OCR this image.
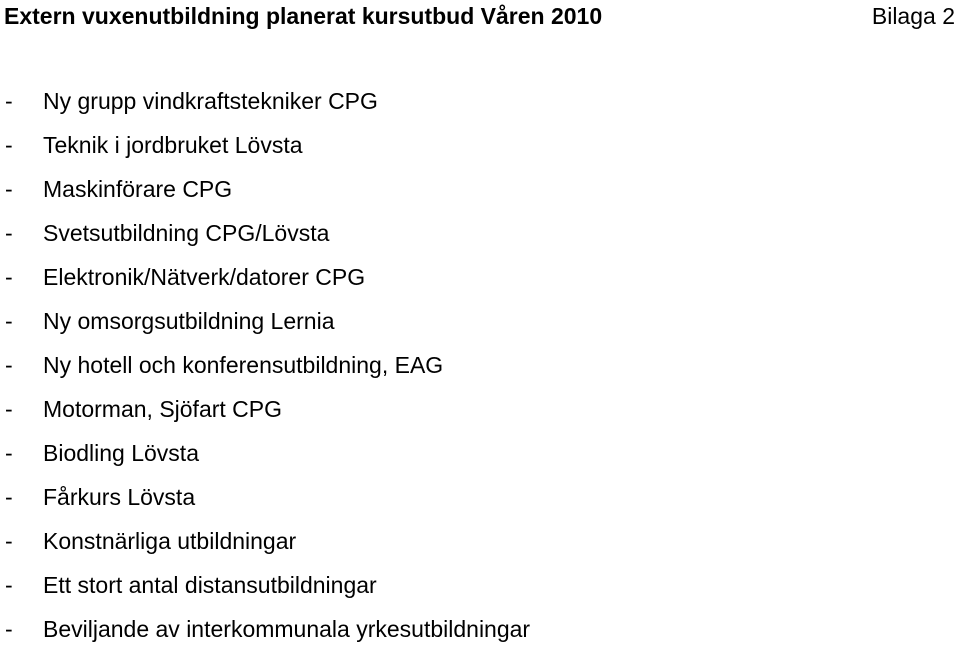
Extern vuxenutbildning planerat kursutbud Våren 2010	Bilaga 2
- Ny grupp vindkraftstekniker CPG
- Teknik i jordbruket Lövsta
- Maskinförare CPG
- Svetsutbildning CPG/Lövsta
- Elektronik/Nätverk/datorer CPG
- Ny omsorgsutbildning Lernia
- Ny hotell och konferensutbildning, EAG
- Motorman, Sjöfart CPG
- Biodling Lövsta
- Fårkurs Lövsta
- Konstnärliga utbildningar
- Ett stort antal distansutbildningar
- Beviljande av interkommunala yrkesutbildningar
